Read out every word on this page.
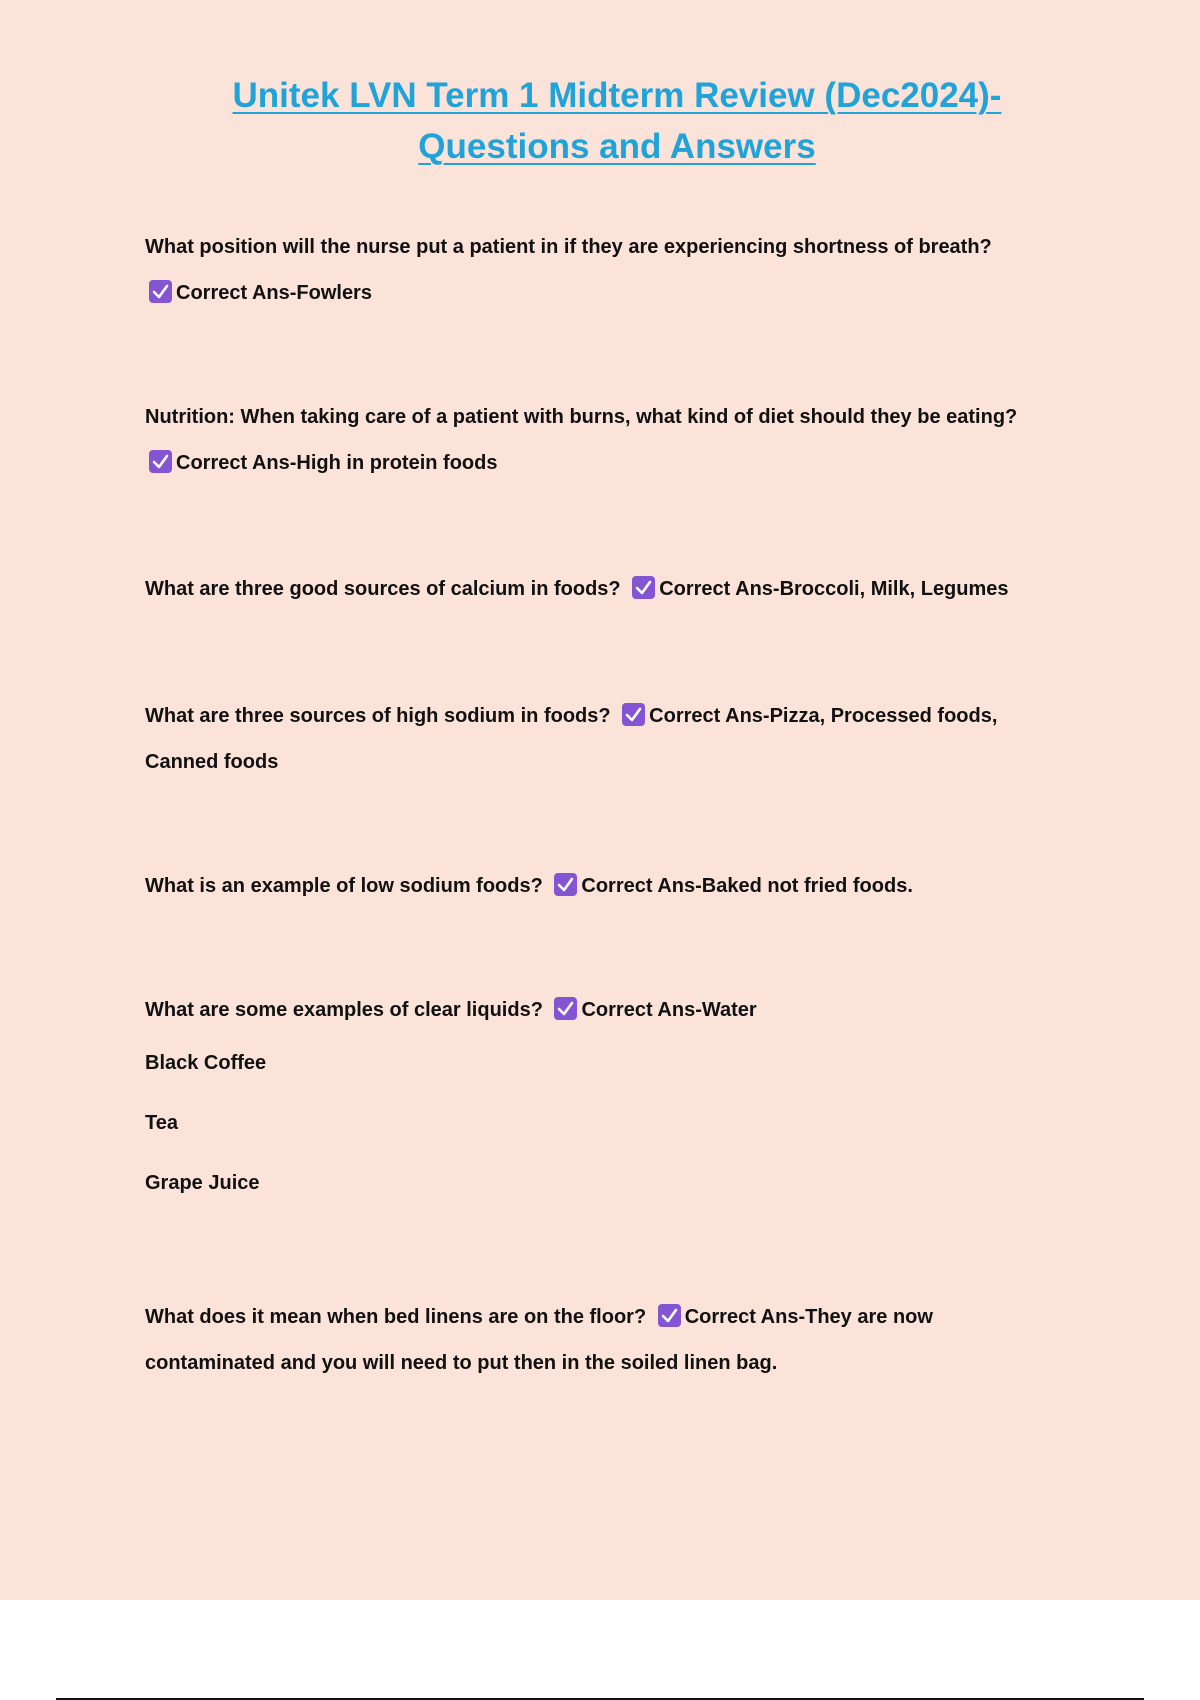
Unitek LVN Term 1 Midterm Review (Dec2024)-
Questions and Answers
What position will the nurse put a patient in if they are experiencing shortness of breath?
Correct Ans-Fowlers
Nutrition: When taking care of a patient with burns, what kind of diet should they be eating?
Correct Ans-High in protein foods
What are three good sources of calcium in foods? Correct Ans-Broccoli, Milk, Legumes
What are three sources of high sodium in foods? Correct Ans-Pizza, Processed foods,
Canned foods
What is an example of low sodium foods? Correct Ans-Baked not fried foods.
What are some examples of clear liquids? Correct Ans-Water
Black Coffee
Tea
Grape Juice
What does it mean when bed linens are on the floor? Correct Ans-They are now
contaminated and you will need to put then in the soiled linen bag.
